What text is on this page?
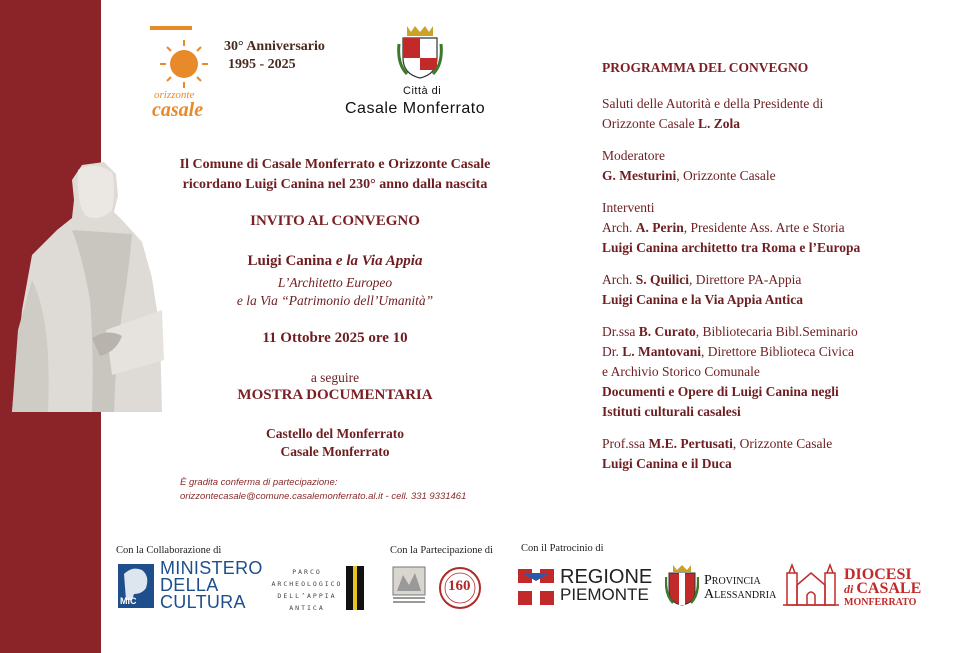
orizzonte
casale
30° Anniversario
1995 - 2025
Città di
Casale Monferrato
Il Comune di Casale Monferrato e Orizzonte Casale
ricordano Luigi Canina nel 230° anno dalla nascita
INVITO AL CONVEGNO
Luigi Canina e la Via Appia
L’Architetto Europeo
e la Via “Patrimonio dell’Umanità”
11 Ottobre 2025 ore 10
a seguire
MOSTRA DOCUMENTARIA
Castello del Monferrato
Casale Monferrato
È gradita conferma di partecipazione:
orizzontecasale@comune.casalemonferrato.al.it - cell. 331 9331461
PROGRAMMA DEL CONVEGNO
Saluti delle Autorità e della Presidente di
Orizzonte Casale L. Zola
Moderatore
G. Mesturini, Orizzonte Casale
Interventi
Arch. A. Perin, Presidente Ass. Arte e Storia
Luigi Canina architetto tra Roma e l’Europa
Arch. S. Quilici, Direttore PA-Appia
Luigi Canina e la Via Appia Antica
Dr.ssa B. Curato, Bibliotecaria Bibl.Seminario
Dr. L. Mantovani, Direttore Biblioteca Civica
e Archivio Storico Comunale
Documenti e Opere di Luigi Canina negli
Istituti culturali casalesi
Prof.ssa M.E. Pertusati, Orizzonte Casale
Luigi Canina e il Duca
Con la Collaborazione di	Con la Partecipazione di	Con il Patrocinio di
MiC
MINISTERO
DELLA
CULTURA
PARCO
ARCHEOLOGICO
DELL’APPIA
ANTICA
160	REGIONE
PIEMONTE
Provincia
Alessandria
DIOCESI
di CASALE
MONFERRATO
